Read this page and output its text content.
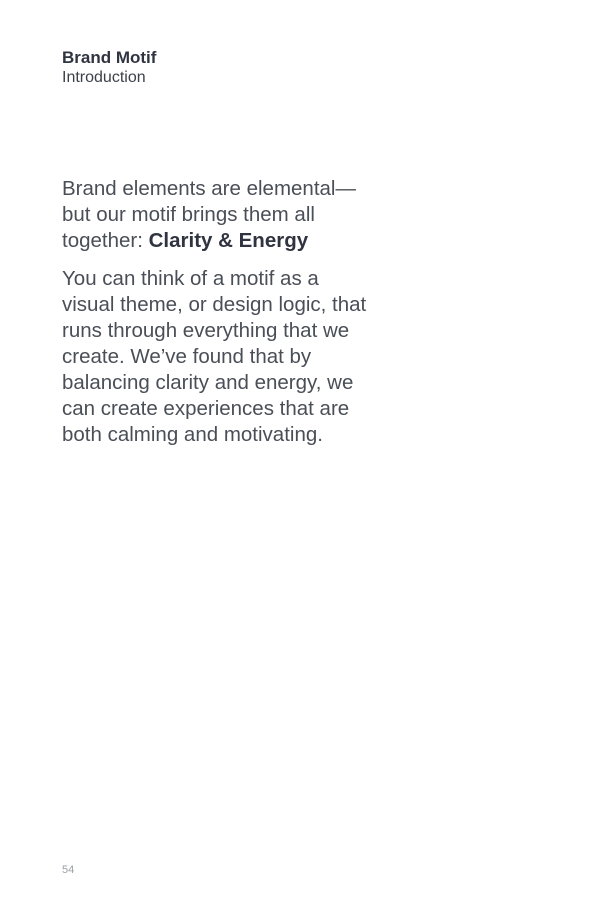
Brand Motif
Introduction

Brand elements are elemental— but our motif brings them all together: Clarity & Energy

You can think of a motif as a visual theme, or design logic, that runs through everything that we create. We’ve found that by balancing clarity and energy, we can create experiences that are both calming and motivating.

54
